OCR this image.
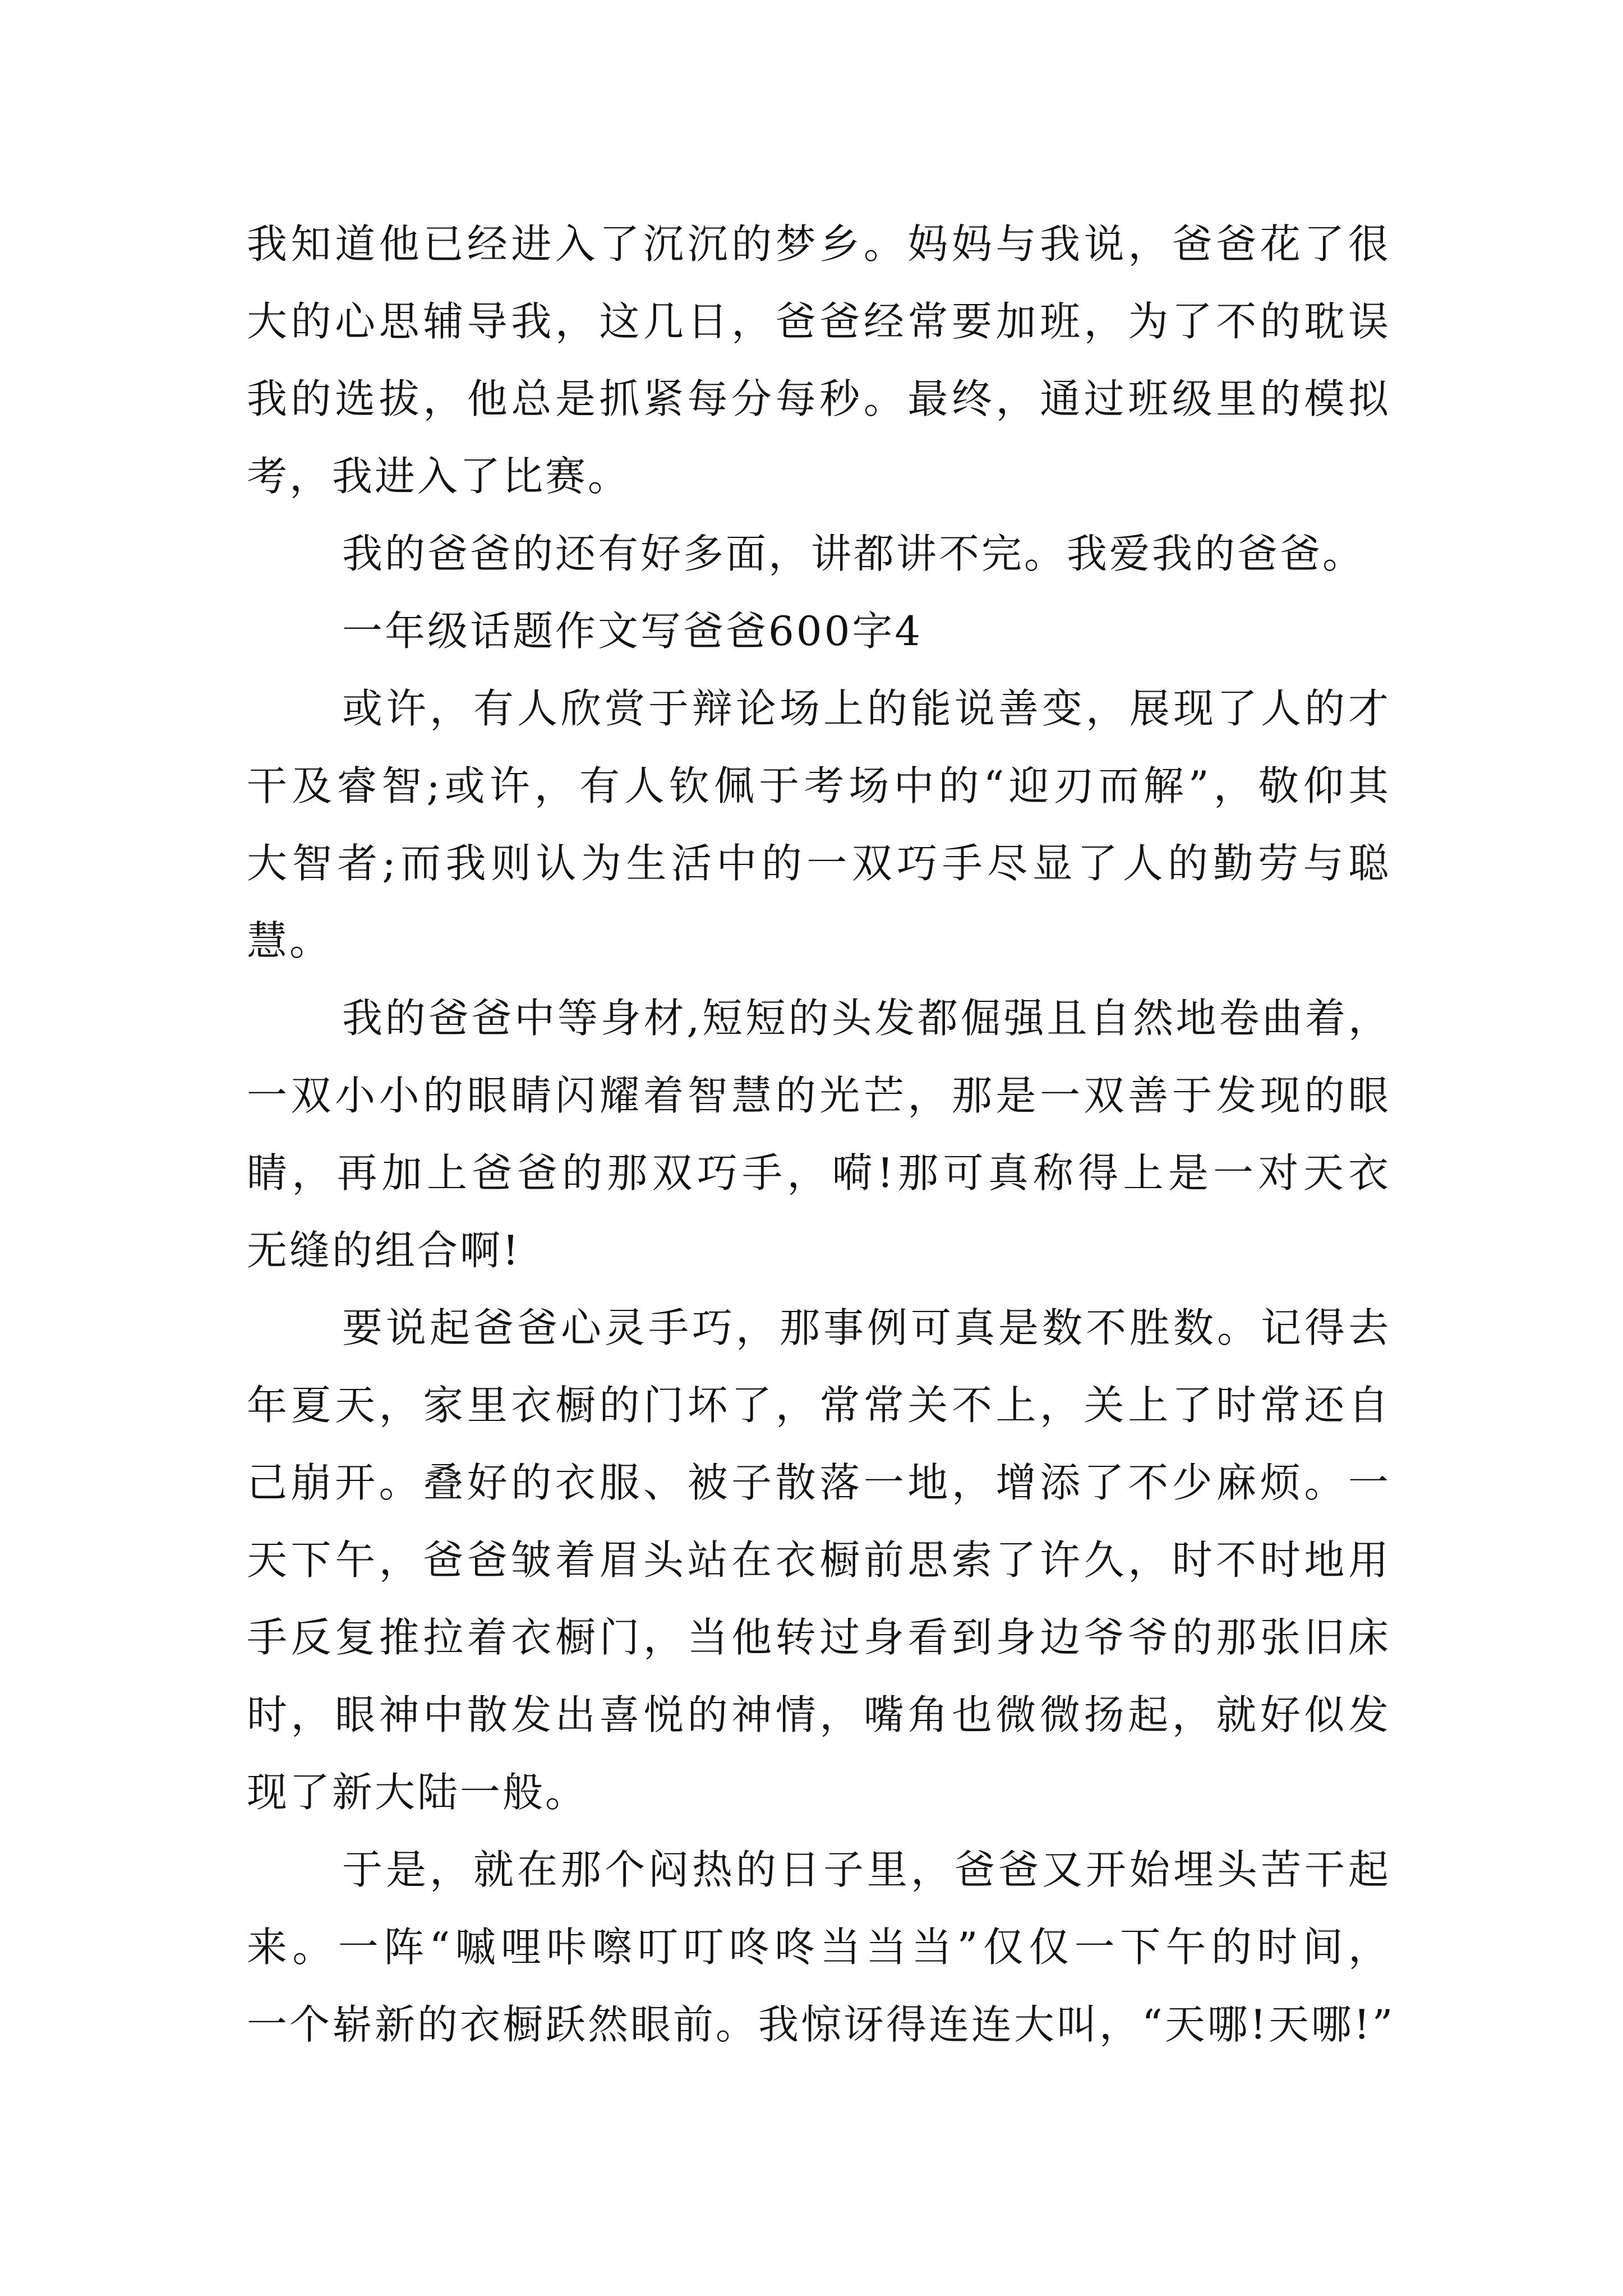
我知道他已经进入了沉沉的梦乡。妈妈与我说，爸爸花了很
大的心思辅导我，这几日，爸爸经常要加班，为了不的耽误
我的选拔，他总是抓紧每分每秒。最终，通过班级里的模拟
考，我进入了比赛。
我的爸爸的还有好多面，讲都讲不完。我爱我的爸爸。
一年级话题作文写爸爸600字4
或许，有人欣赏于辩论场上的能说善变，展现了人的才
干及睿智;或许，有人钦佩于考场中的“迎刃而解”，敬仰其
大智者;而我则认为生活中的一双巧手尽显了人的勤劳与聪
慧。
我的爸爸中等身材,短短的头发都倔强且自然地卷曲着，
一双小小的眼睛闪耀着智慧的光芒，那是一双善于发现的眼
睛，再加上爸爸的那双巧手，嗬!那可真称得上是一对天衣
无缝的组合啊!
要说起爸爸心灵手巧，那事例可真是数不胜数。记得去
年夏天，家里衣橱的门坏了，常常关不上，关上了时常还自
己崩开。叠好的衣服、被子散落一地，增添了不少麻烦。一
天下午，爸爸皱着眉头站在衣橱前思索了许久，时不时地用
手反复推拉着衣橱门，当他转过身看到身边爷爷的那张旧床
时，眼神中散发出喜悦的神情，嘴角也微微扬起，就好似发
现了新大陆一般。
于是，就在那个闷热的日子里，爸爸又开始埋头苦干起
来。一阵“嘁哩咔嚓叮叮咚咚当当当”仅仅一下午的时间，
一个崭新的衣橱跃然眼前。我惊讶得连连大叫，“天哪!天哪!”
